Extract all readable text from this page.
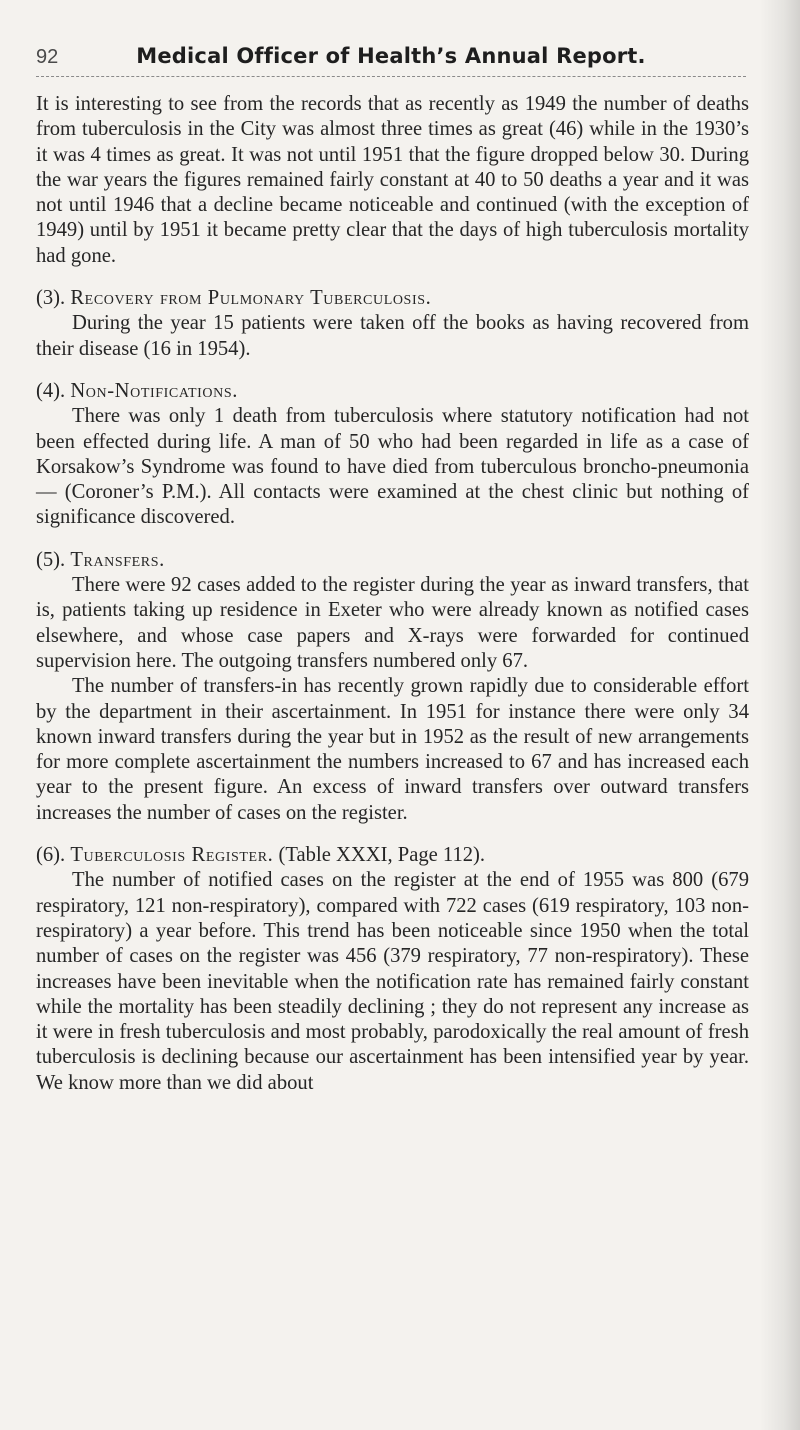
92	Medical Officer of Health’s Annual Report.

It is interesting to see from the records that as recently as 1949 the number of deaths from tuberculosis in the City was almost three times as great (46) while in the 1930’s it was 4 times as great. It was not until 1951 that the figure dropped below 30. During the war years the figures remained fairly constant at 40 to 50 deaths a year and it was not until 1946 that a decline became noticeable and continued (with the exception of 1949) until by 1951 it became pretty clear that the days of high tuberculosis mortality had gone.

(3). Recovery from Pulmonary Tuberculosis.

During the year 15 patients were taken off the books as having recovered from their disease (16 in 1954).

(4). Non-Notifications.

There was only 1 death from tuberculosis where statutory notification had not been effected during life. A man of 50 who had been regarded in life as a case of Korsakow’s Syndrome was found to have died from tuberculous broncho-pneumonia— (Coroner’s P.M.). All contacts were examined at the chest clinic but nothing of significance discovered.

(5). Transfers.

There were 92 cases added to the register during the year as inward transfers, that is, patients taking up residence in Exeter who were already known as notified cases elsewhere, and whose case papers and X-rays were forwarded for continued supervision here. The outgoing transfers numbered only 67.

The number of transfers-in has recently grown rapidly due to considerable effort by the department in their ascertainment. In 1951 for instance there were only 34 known inward transfers during the year but in 1952 as the result of new arrangements for more complete ascertainment the numbers increased to 67 and has increased each year to the present figure. An excess of inward transfers over outward transfers increases the number of cases on the register.

(6). Tuberculosis Register. (Table XXXI, Page 112).

The number of notified cases on the register at the end of 1955 was 800 (679 respiratory, 121 non-respiratory), compared with 722 cases (619 respiratory, 103 non-respiratory) a year before. This trend has been noticeable since 1950 when the total number of cases on the register was 456 (379 respiratory, 77 non-respiratory). These increases have been inevitable when the notification rate has remained fairly constant while the mortality has been steadily declining ; they do not represent any increase as it were in fresh tuberculosis and most probably, parodoxically the real amount of fresh tuberculosis is declining because our ascertainment has been intensified year by year. We know more than we did about
